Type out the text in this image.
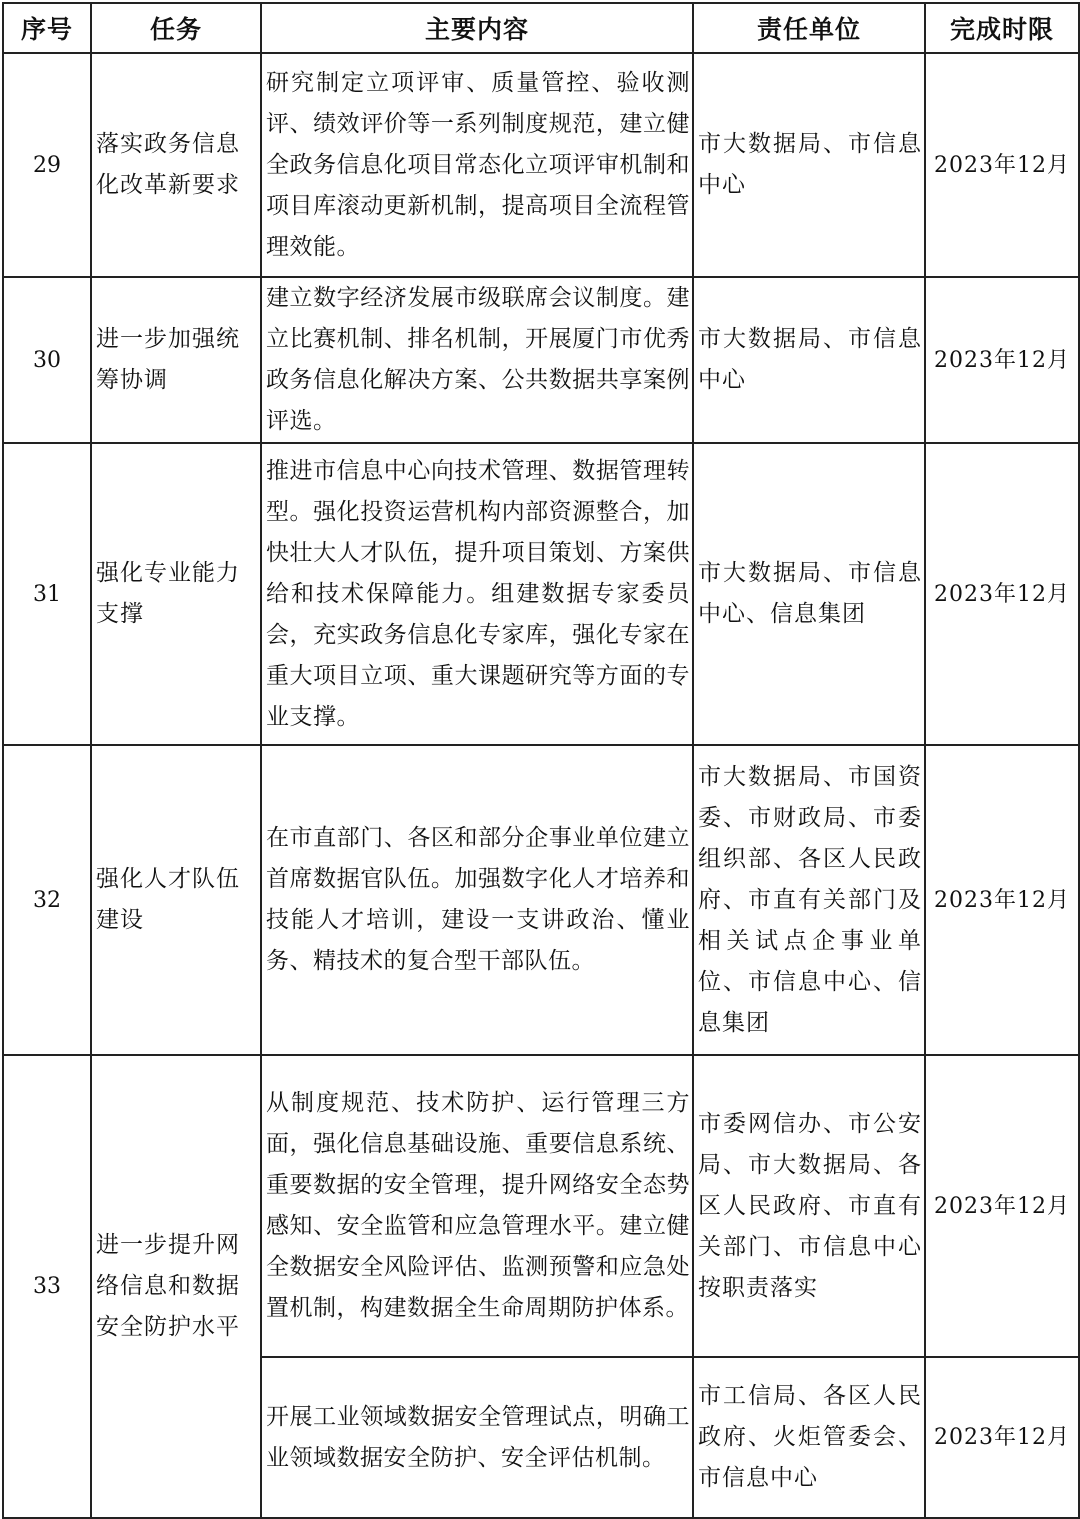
序号	任务	主要内容	责任单位	完成时限
29	落实政务信息化改革新要求	研究制定立项评审、质量管控、验收测评、绩效评价等一系列制度规范，建立健全政务信息化项目常态化立项评审机制和项目库滚动更新机制，提高项目全流程管理效能。	市大数据局、市信息中心	2023年12月
30	进一步加强统筹协调	建立数字经济发展市级联席会议制度。建立比赛机制、排名机制，开展厦门市优秀政务信息化解决方案、公共数据共享案例评选。	市大数据局、市信息中心	2023年12月
31	强化专业能力支撑	推进市信息中心向技术管理、数据管理转型。强化投资运营机构内部资源整合，加快壮大人才队伍，提升项目策划、方案供给和技术保障能力。组建数据专家委员会，充实政务信息化专家库，强化专家在重大项目立项、重大课题研究等方面的专业支撑。	市大数据局、市信息中心、信息集团	2023年12月
32	强化人才队伍建设	在市直部门、各区和部分企事业单位建立首席数据官队伍。加强数字化人才培养和技能人才培训，建设一支讲政治、懂业务、精技术的复合型干部队伍。	市大数据局、市国资委、市财政局、市委组织部、各区人民政府、市直有关部门及相关试点企事业单位、市信息中心、信息集团	2023年12月
33	进一步提升网络信息和数据安全防护水平	从制度规范、技术防护、运行管理三方面，强化信息基础设施、重要信息系统、重要数据的安全管理，提升网络安全态势感知、安全监管和应急管理水平。建立健全数据安全风险评估、监测预警和应急处置机制，构建数据全生命周期防护体系。	市委网信办、市公安局、市大数据局、各区人民政府、市直有关部门、市信息中心按职责落实	2023年12月
		开展工业领域数据安全管理试点，明确工业领域数据安全防护、安全评估机制。	市工信局、各区人民政府、火炬管委会、市信息中心	2023年12月
